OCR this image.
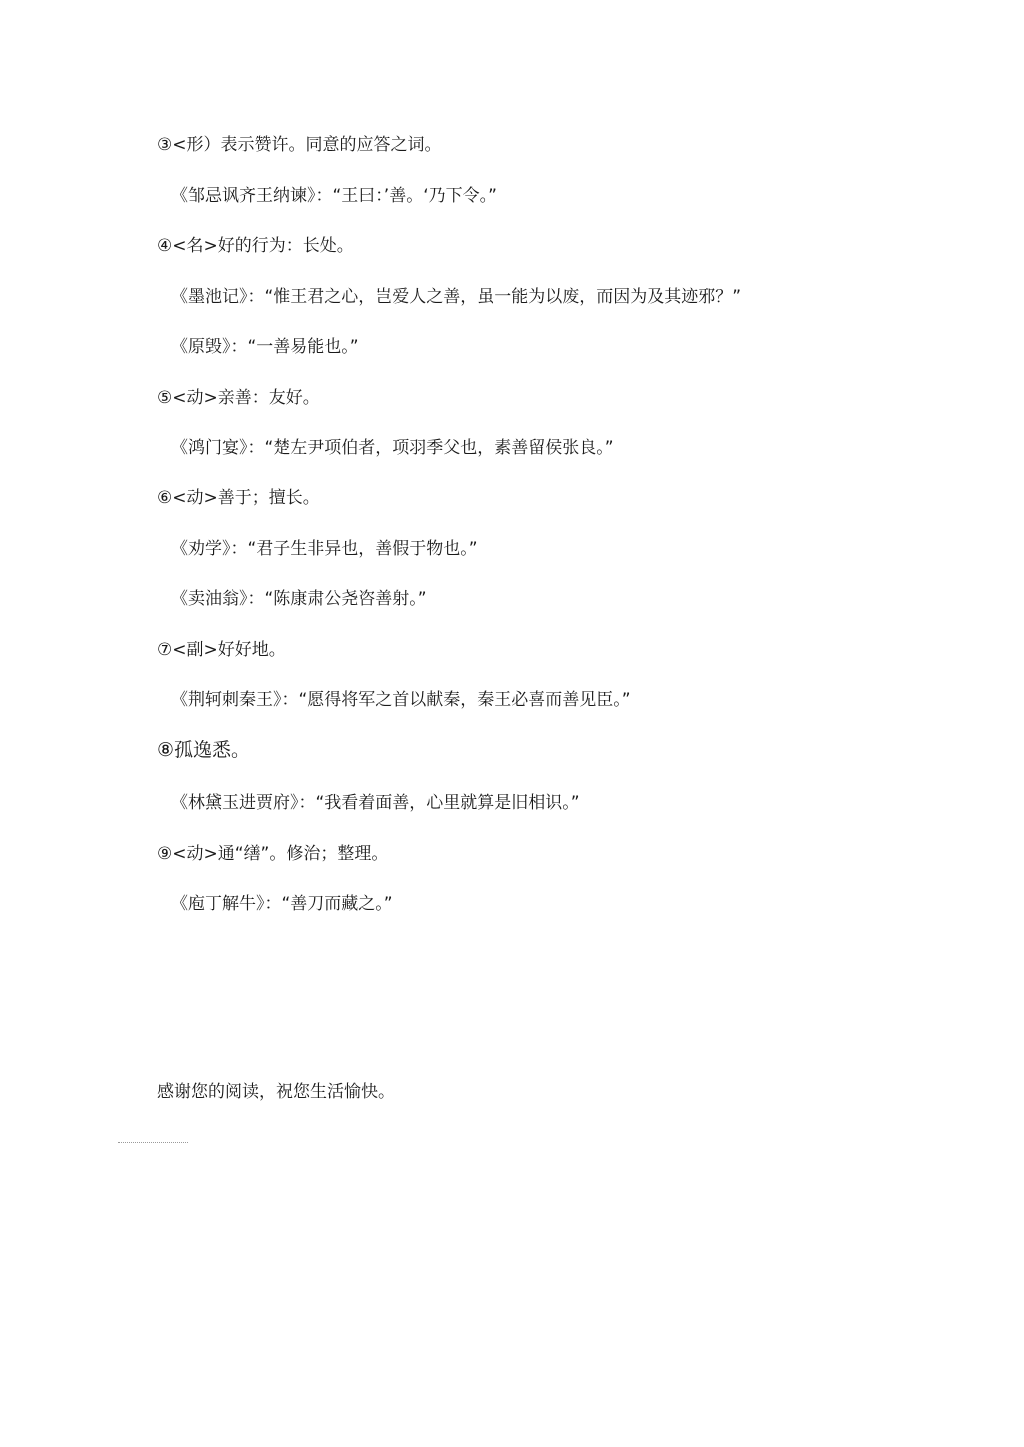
③<形）表示赞许。同意的应答之词。
《邹忌讽齐王纳谏》：“王曰：’善。‘乃下令。”
④<名>好的行为：长处。
《墨池记》：“惟王君之心，岂爱人之善，虽一能为以废，而因为及其迹邪？”
《原毁》：“一善易能也。”
⑤<动>亲善：友好。
《鸿门宴》：“楚左尹项伯者，项羽季父也，素善留侯张良。”
⑥<动>善于；擅长。
《劝学》：“君子生非异也，善假于物也。”
《卖油翁》：“陈康肃公尧咨善射。”
⑦<副>好好地。
《荆轲刺秦王》：“愿得将军之首以献秦，秦王必喜而善见臣。”
⑧孤逸悉。
《林黛玉进贾府》：“我看着面善，心里就算是旧相识。”
⑨<动>通“缮”。修治；整理。
《庖丁解牛》：“善刀而藏之。”
感谢您的阅读，祝您生活愉快。
